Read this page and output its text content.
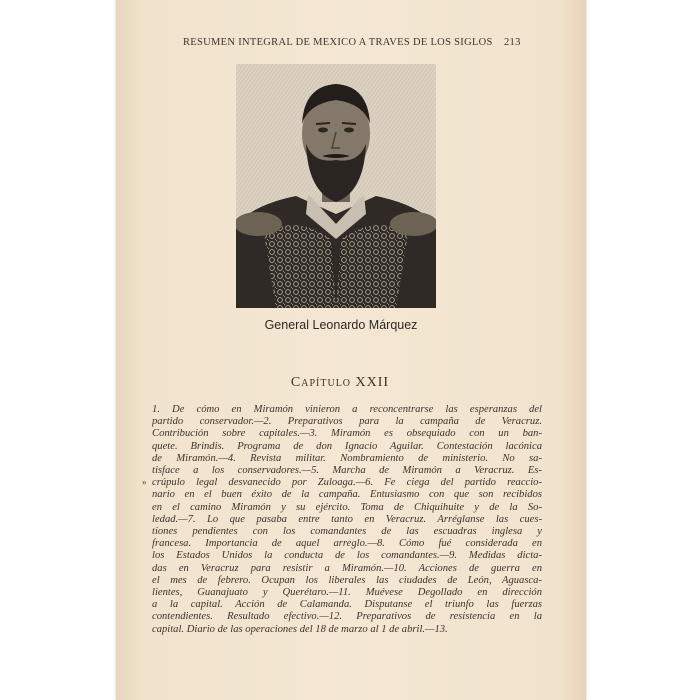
RESUMEN INTEGRAL DE MEXICO A TRAVES DE LOS SIGLOS 213
General Leonardo Márquez
Capítulo XXII
»
1. De cómo en Miramón vinieron a reconcentrarse las esperanzas del
partido conservador.—2. Preparativos para la campaña de Veracruz.
Contribución sobre capitales.—3. Miramón es obsequiado con un ban-
quete. Brindis. Programa de don Ignacio Aguilar. Contestación lacónica
de Miramón.—4. Revista militar. Nombramiento de ministerio. No sa-
tisface a los conservadores.—5. Marcha de Miramón a Veracruz. Es-
crúpulo legal desvanecido por Zuloaga.—6. Fe ciega del partido reaccio-
nario en el buen éxito de la campaña. Entusiasmo con que son recibidos
en el camino Miramón y su ejército. Toma de Chiquihuite y de la So-
ledad.—7. Lo que pasaba entre tanto en Veracruz. Arréglanse las cues-
tiones pendientes con los comandantes de las escuadras inglesa y
francesa. Importancia de aquel arreglo.—8. Cómo fué considerada en
los Estados Unidos la conducta de los comandantes.—9. Medidas dicta-
das en Veracruz para resistir a Miramón.—10. Acciones de guerra en
el mes de febrero. Ocupan los liberales las ciudades de León, Aguasca-
lientes, Guanajuato y Querétaro.—11. Muévese Degollado en dirección
a la capital. Acción de Calamanda. Disputanse el triunfo las fuerzas
contendientes. Resultado efectivo.—12. Preparativos de resistencia en la
capital. Diario de las operaciones del 18 de marzo al 1 de abril.—13.
